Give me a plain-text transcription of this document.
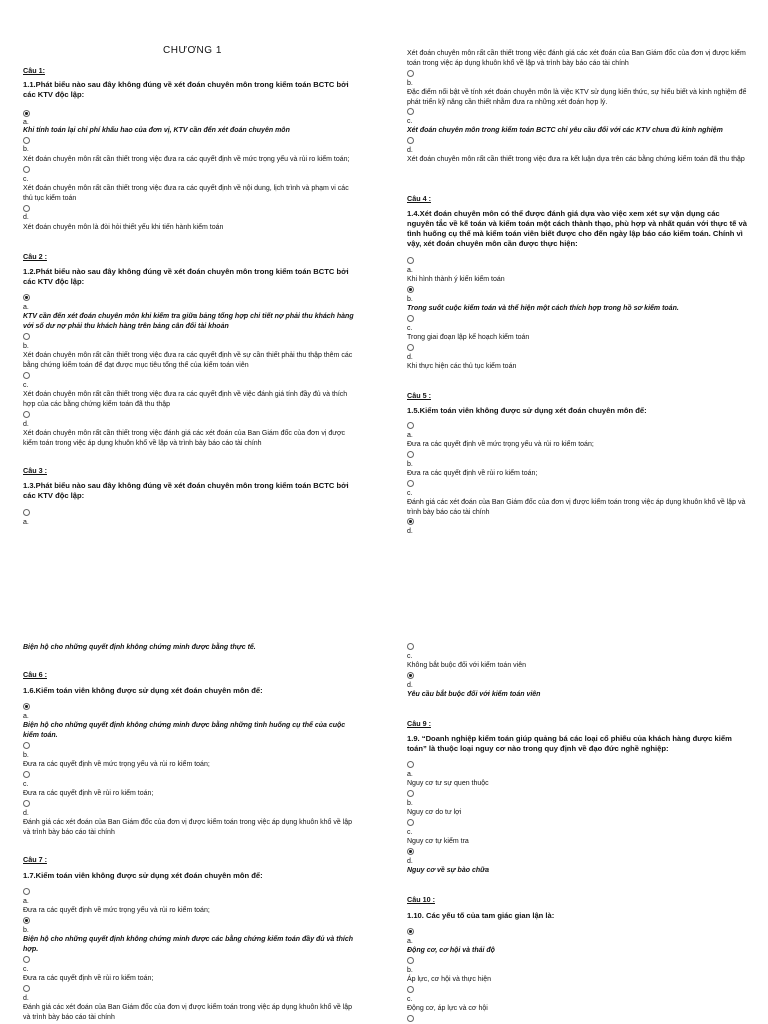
CHƯƠNG 1
Câu 1:
1.1.Phát biểu nào sau đây không đúng về xét đoán chuyên môn trong kiểm toán BCTC bởi các KTV độc lập:
a.
Khi tính toán lại chỉ phí khấu hao của đơn vị, KTV cần đến xét đoán chuyên môn
b.
Xét đoán chuyên môn rất cần thiết trong việc đưa ra các quyết định về mức trọng yếu và rủi ro kiểm toán;
c.
Xét đoán chuyên môn rất cần thiết trong việc đưa ra các quyết định về nội dung, lịch trình và phạm vi các thủ tục kiểm toán
d.
Xét đoán chuyên môn là đòi hỏi thiết yếu khi tiến hành kiểm toán
Câu 2 :
1.2.Phát biểu nào sau đây không đúng về xét đoán chuyên môn trong kiểm toán BCTC bởi các KTV độc lập:
a.
KTV cần đến xét đoán chuyên môn khi kiểm tra giữa bảng tổng hợp chi tiết nợ phải thu khách hàng với số dư nợ phải thu khách hàng trên bảng cân đối tài khoản
b.
Xét đoán chuyên môn rất cần thiết trong việc đưa ra các quyết định về sự cần thiết phải thu thập thêm các bằng chứng kiểm toán để đạt được mục tiêu tổng thể của kiểm toán viên
c.
Xét đoán chuyên môn rất cần thiết trong việc đưa ra các quyết định về việc đánh giá tính đầy đủ và thích hợp của các bằng chứng kiểm toán đã thu thập
d.
Xét đoán chuyên môn rất cần thiết trong việc đánh giá các xét đoán của Ban Giám đốc của đơn vị được kiểm toán trong việc áp dụng khuôn khổ về lập và trình bày báo cáo tài chính
Câu 3 :
1.3.Phát biểu nào sau đây không đúng về xét đoán chuyên môn trong kiểm toán BCTC bởi các KTV độc lập:
a.
Xét đoán chuyên môn rất cần thiết trong việc đánh giá các xét đoán của Ban Giám đốc của đơn vị được kiểm toán trong việc áp dụng khuôn khổ về lập và trình bày báo cáo tài chính
b.
Đặc điểm nổi bật về tính xét đoán chuyên môn là việc KTV sử dụng kiến thức, sự hiểu biết và kinh nghiệm để phát triển kỹ năng cần thiết nhằm đưa ra những xét đoán hợp lý.
c.
Xét đoán chuyên môn trong kiểm toán BCTC chỉ yêu cầu đối với các KTV chưa đủ kinh nghiệm
d.
Xét đoán chuyên môn rất cần thiết trong việc đưa ra kết luận dựa trên các bằng chứng kiểm toán đã thu thập
Câu 4 :
1.4.Xét đoán chuyên môn có thể được đánh giá dựa vào việc xem xét sự vận dụng các nguyên tắc về kế toán và kiểm toán một cách thành thạo, phù hợp và nhất quán với thực tế và tình huống cụ thể mà kiểm toán viên biết được cho đến ngày lập báo cáo kiểm toán. Chính vì vậy, xét đoán chuyên môn cần được thực hiện:
a.
Khi hình thành ý kiến kiểm toán
b.
Trong suốt cuộc kiểm toán và thể hiện một cách thích hợp trong hồ sơ kiểm toán.
c.
Trong giai đoạn lập kế hoạch kiểm toán
d.
Khi thực hiện các thủ tục kiểm toán
Câu 5 :
1.5.Kiểm toán viên không được sử dụng xét đoán chuyên môn để:
a.
Đưa ra các quyết định về mức trọng yếu và rủi ro kiểm toán;
b.
Đưa ra các quyết định về rủi ro kiểm toán;
c.
Đánh giá các xét đoán của Ban Giám đốc của đơn vị được kiểm toán trong việc áp dụng khuôn khổ về lập và trình bày báo cáo tài chính
d.
Biện hộ cho những quyết định không chứng minh được bằng thực tế.
Câu 6 :
1.6.Kiểm toán viên không được sử dụng xét đoán chuyên môn để:
a.
Biện hộ cho những quyết định không chứng minh được bằng những tình huống cụ thể của cuộc kiểm toán.
b.
Đưa ra các quyết định về mức trọng yếu và rủi ro kiểm toán;
c.
Đưa ra các quyết định về rủi ro kiểm toán;
d.
Đánh giá các xét đoán của Ban Giám đốc của đơn vị được kiểm toán trong việc áp dụng khuôn khổ về lập và trình bày báo cáo tài chính
Câu 7 :
1.7.Kiểm toán viên không được sử dụng xét đoán chuyên môn để:
a.
Đưa ra các quyết định về mức trọng yếu và rủi ro kiểm toán;
b.
Biện hộ cho những quyết định không chứng minh được các bằng chứng kiểm toán đầy đủ và thích hợp.
c.
Đưa ra các quyết định về rủi ro kiểm toán;
d.
Đánh giá các xét đoán của Ban Giám đốc của đơn vị được kiểm toán trong việc áp dụng khuôn khổ về lập và trình bày báo cáo tài chính
c.
Không bắt buộc đối với kiểm toán viên
d.
Yêu cầu bắt buộc đối với kiểm toán viên
Câu 9 :
1.9. “Doanh nghiệp kiểm toán giúp quảng bá các loại cổ phiếu của khách hàng được kiểm toán” là thuộc loại nguy cơ nào trong quy định về đạo đức nghề nghiệp:
a.
Nguy cơ tư sự quen thuộc
b.
Nguy cơ do tư lợi
c.
Nguy cơ tự kiểm tra
d.
Nguy cơ về sự bào chữa
Câu 10 :
1.10. Các yếu tố của tam giác gian lận là:
a.
Động cơ, cơ hội và thái độ
b.
Áp lực, cơ hội và thực hiện
c.
Động cơ, áp lực và cơ hội
